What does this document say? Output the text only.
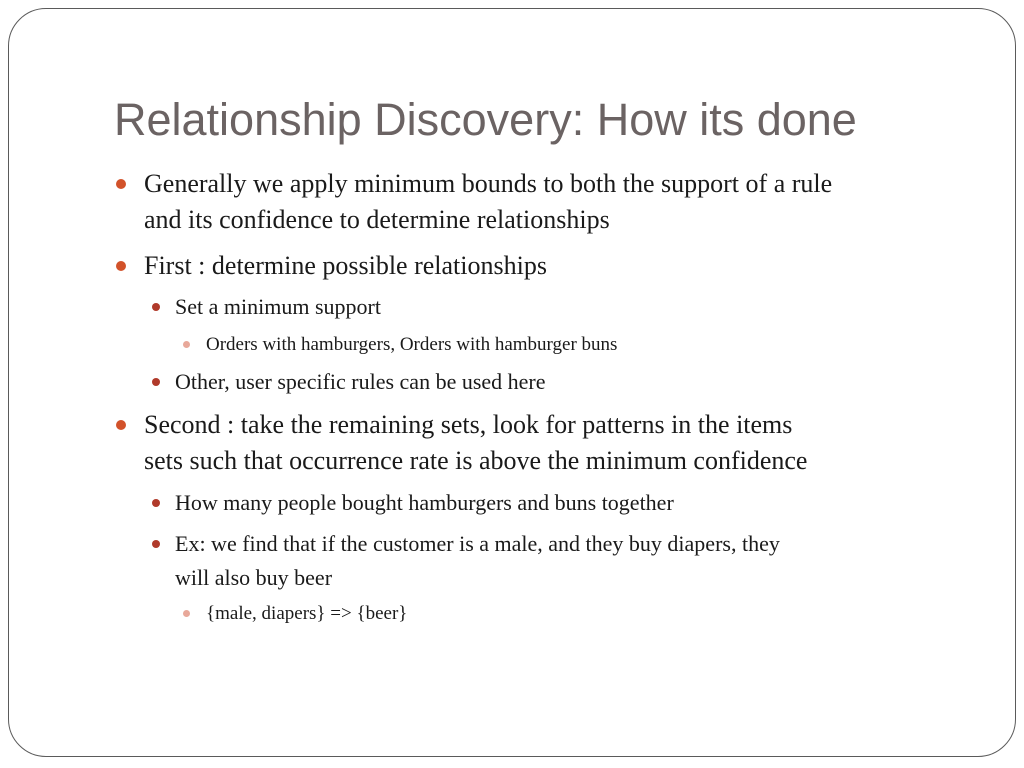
Relationship Discovery: How its done
Generally we apply minimum bounds to both the support of a rule
and its confidence to determine relationships
First : determine possible relationships
Set a minimum support
Orders with hamburgers, Orders with hamburger buns
Other, user specific rules can be used here
Second : take the remaining sets, look for patterns in the items
sets such that occurrence rate is above the minimum confidence
How many people bought hamburgers and buns together
Ex: we find that if the customer is a male, and they buy diapers, they
will also buy beer
{male, diapers} => {beer}
